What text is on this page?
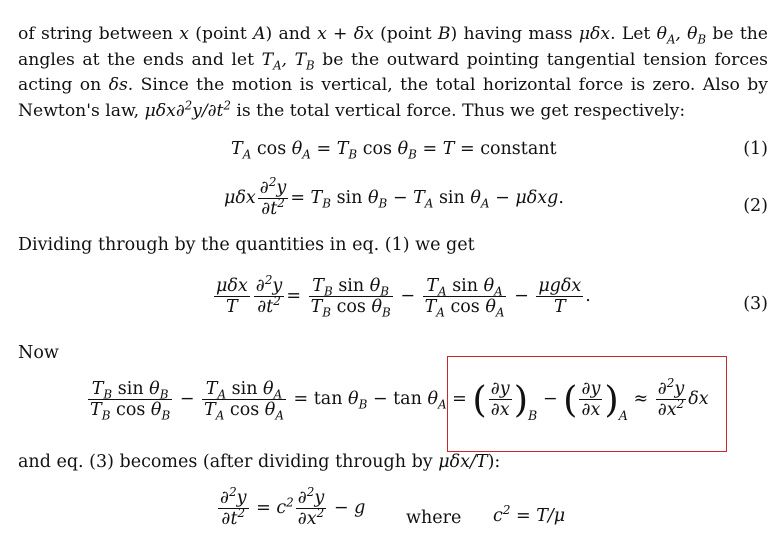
of string between x (point A) and x + δx (point B) having mass μδx. Let $\theta_A$, $\theta_B$ be the angles at the ends and let $T_A$, $T_B$ be the outward pointing tangential tension forces acting on δs. Since the motion is vertical, the total horizontal force is zero. Also by Newton's law, $\mu\delta x\partial^2y/\partial t^2$ is the total vertical force. Thus we get respectively:
$T_A$ $\cos \theta_A = T_B$ $\cos \theta_B = T$ = constant	(1)
μδx $\frac{\partial^2y}{\partial t^2} = T_B$ $\sin \theta_B - T_A$ $\sin \theta_A - \mu\delta xg$.	(2)
Dividing through by the quantities in eq. (1) we get
$\frac{\text{μδx}}{T} \frac{\partial^2y}{\partial t^2} = \frac{T_B \sin \theta_B}{T_B \cos \theta_B} - \frac{T_A \sin \theta_A}{T_A \cos \theta_A} - \frac{\text{μgδx}}{T}$ .	(3)
Now
$\frac{T_B \sin \theta_B}{T_B \cos \theta_B} - \frac{T_A \sin \theta_A}{T_A \cos \theta_A} = \tan \theta_B - \tan \theta_A$ = ( $\frac{\partial y}{\partial x} )_B$ − ( $\frac{\partial y}{\partial x} )_A \approx \frac{\partial^2y}{\partial x^2}$ δx
and eq. (3) becomes (after dividing through by μδx/T):
$\frac{\partial^2y}{\partial t^2} = c^2 \frac{\partial^2y}{\partial x^2} - g$ where $c^2 = T/\mu$
